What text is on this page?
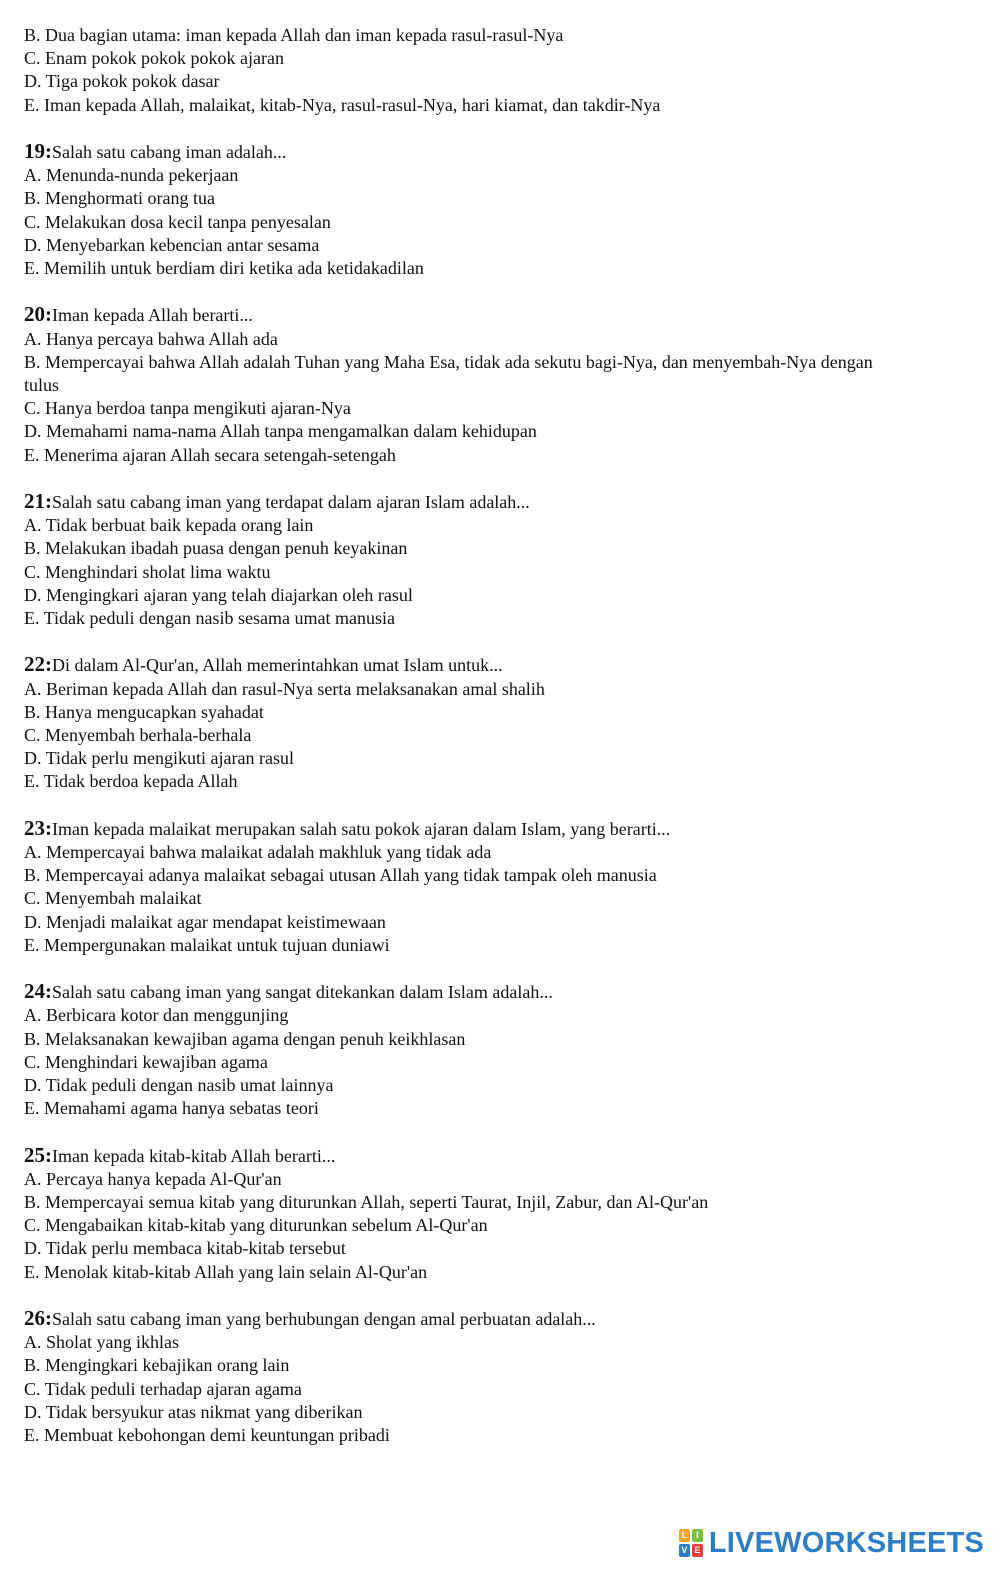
B. Dua bagian utama: iman kepada Allah dan iman kepada rasul-rasul-Nya

C. Enam pokok pokok pokok ajaran

D. Tiga pokok pokok dasar

E. Iman kepada Allah, malaikat, kitab-Nya, rasul-rasul-Nya, hari kiamat, dan takdir-Nya

19:Salah satu cabang iman adalah...

A. Menunda-nunda pekerjaan

B. Menghormati orang tua

C. Melakukan dosa kecil tanpa penyesalan

D. Menyebarkan kebencian antar sesama

E. Memilih untuk berdiam diri ketika ada ketidakadilan

20:Iman kepada Allah berarti...

A. Hanya percaya bahwa Allah ada

B. Mempercayai bahwa Allah adalah Tuhan yang Maha Esa, tidak ada sekutu bagi-Nya, dan menyembah-Nya dengan tulus

C. Hanya berdoa tanpa mengikuti ajaran-Nya

D. Memahami nama-nama Allah tanpa mengamalkan dalam kehidupan

E. Menerima ajaran Allah secara setengah-setengah

21:Salah satu cabang iman yang terdapat dalam ajaran Islam adalah...

A. Tidak berbuat baik kepada orang lain

B. Melakukan ibadah puasa dengan penuh keyakinan

C. Menghindari sholat lima waktu

D. Mengingkari ajaran yang telah diajarkan oleh rasul

E. Tidak peduli dengan nasib sesama umat manusia

22:Di dalam Al-Qur'an, Allah memerintahkan umat Islam untuk...

A. Beriman kepada Allah dan rasul-Nya serta melaksanakan amal shalih

B. Hanya mengucapkan syahadat

C. Menyembah berhala-berhala

D. Tidak perlu mengikuti ajaran rasul

E. Tidak berdoa kepada Allah

23:Iman kepada malaikat merupakan salah satu pokok ajaran dalam Islam, yang berarti...

A. Mempercayai bahwa malaikat adalah makhluk yang tidak ada

B. Mempercayai adanya malaikat sebagai utusan Allah yang tidak tampak oleh manusia

C. Menyembah malaikat

D. Menjadi malaikat agar mendapat keistimewaan

E. Mempergunakan malaikat untuk tujuan duniawi

24:Salah satu cabang iman yang sangat ditekankan dalam Islam adalah...

A. Berbicara kotor dan menggunjing

B. Melaksanakan kewajiban agama dengan penuh keikhlasan

C. Menghindari kewajiban agama

D. Tidak peduli dengan nasib umat lainnya

E. Memahami agama hanya sebatas teori

25:Iman kepada kitab-kitab Allah berarti...

A. Percaya hanya kepada Al-Qur'an

B. Mempercayai semua kitab yang diturunkan Allah, seperti Taurat, Injil, Zabur, dan Al-Qur'an

C. Mengabaikan kitab-kitab yang diturunkan sebelum Al-Qur'an

D. Tidak perlu membaca kitab-kitab tersebut

E. Menolak kitab-kitab Allah yang lain selain Al-Qur'an

26:Salah satu cabang iman yang berhubungan dengan amal perbuatan adalah...

A. Sholat yang ikhlas

B. Mengingkari kebajikan orang lain

C. Tidak peduli terhadap ajaran agama

D. Tidak bersyukur atas nikmat yang diberikan

E. Membuat kebohongan demi keuntungan pribadi

L I
V E LIVEWORKSHEETS
